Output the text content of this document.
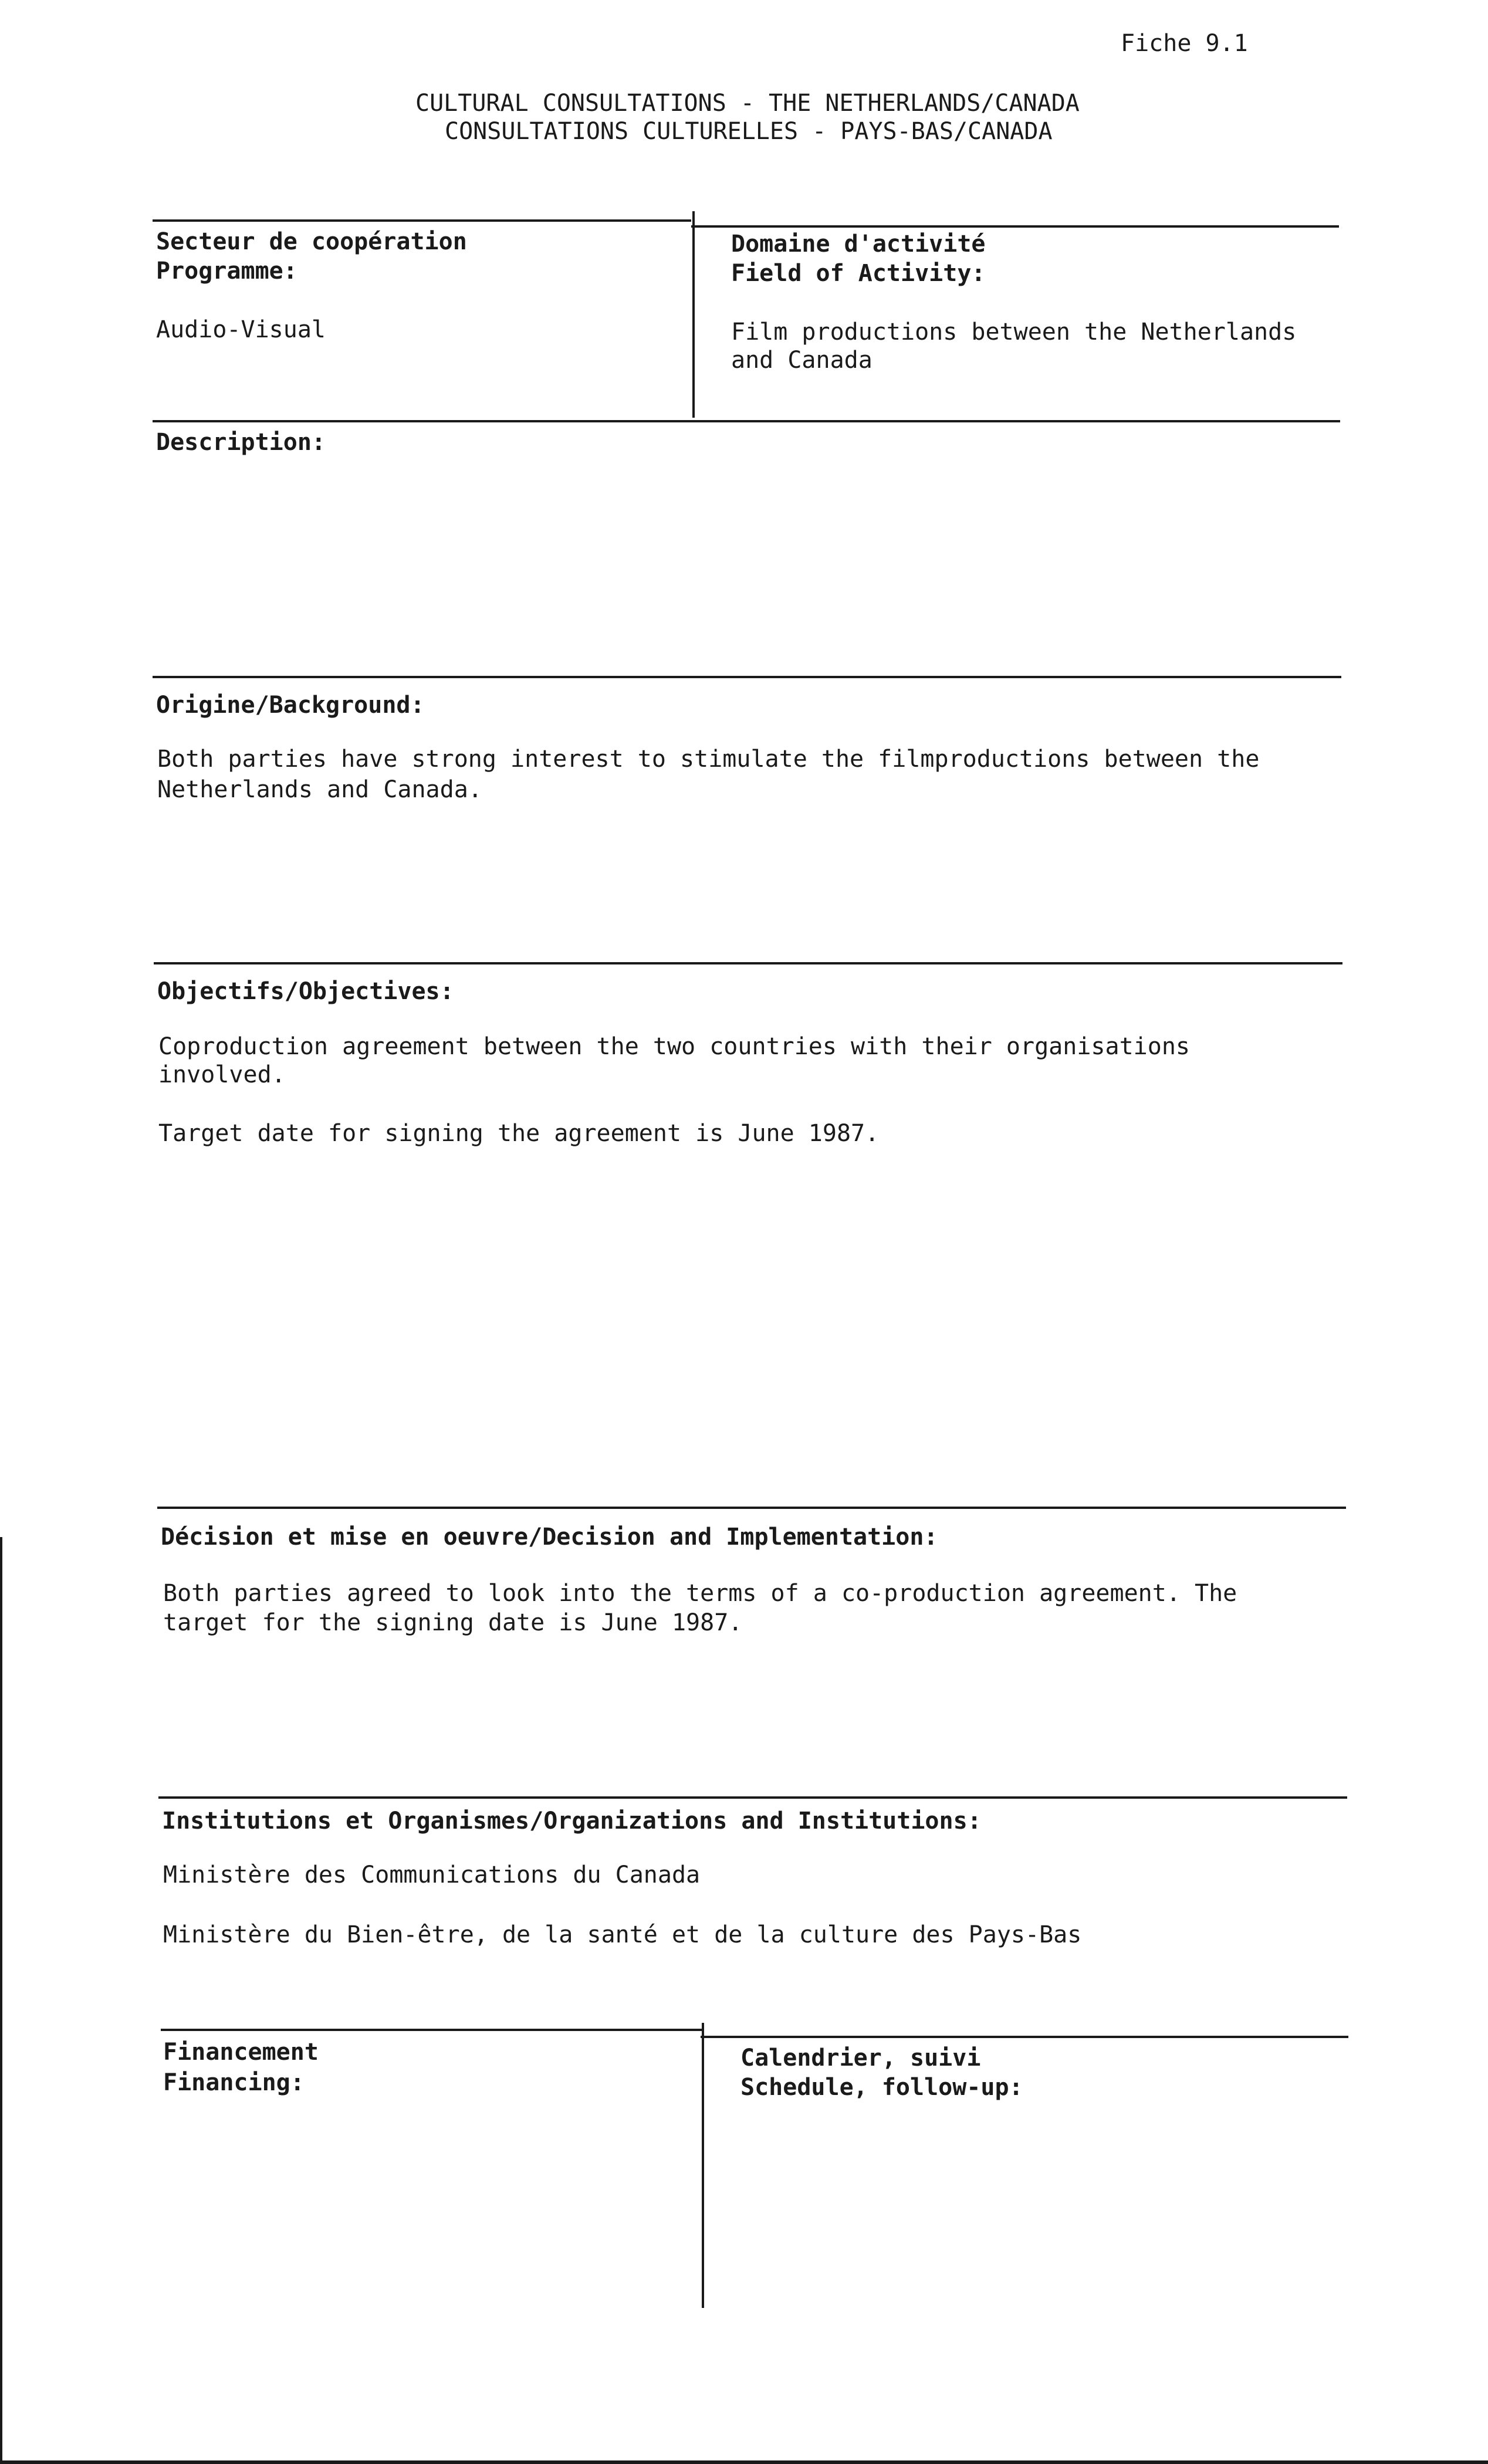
Fiche 9.1
CULTURAL CONSULTATIONS - THE NETHERLANDS/CANADA
CONSULTATIONS CULTURELLES - PAYS-BAS/CANADA
Secteur de coopération
Programme:
Audio-Visual
Domaine d'activité
Field of Activity:
Film productions between the Netherlands
and Canada
Description:
Origine/Background:
Both parties have strong interest to stimulate the filmproductions between the
Netherlands and Canada.
Objectifs/Objectives:
Coproduction agreement between the two countries with their organisations
involved.
Target date for signing the agreement is June 1987.
Décision et mise en oeuvre/Decision and Implementation:
Both parties agreed to look into the terms of a co-production agreement. The
target for the signing date is June 1987.
Institutions et Organismes/Organizations and Institutions:
Ministère des Communications du Canada
Ministère du Bien-être, de la santé et de la culture des Pays-Bas
Financement
Financing:
Calendrier, suivi
Schedule, follow-up:
